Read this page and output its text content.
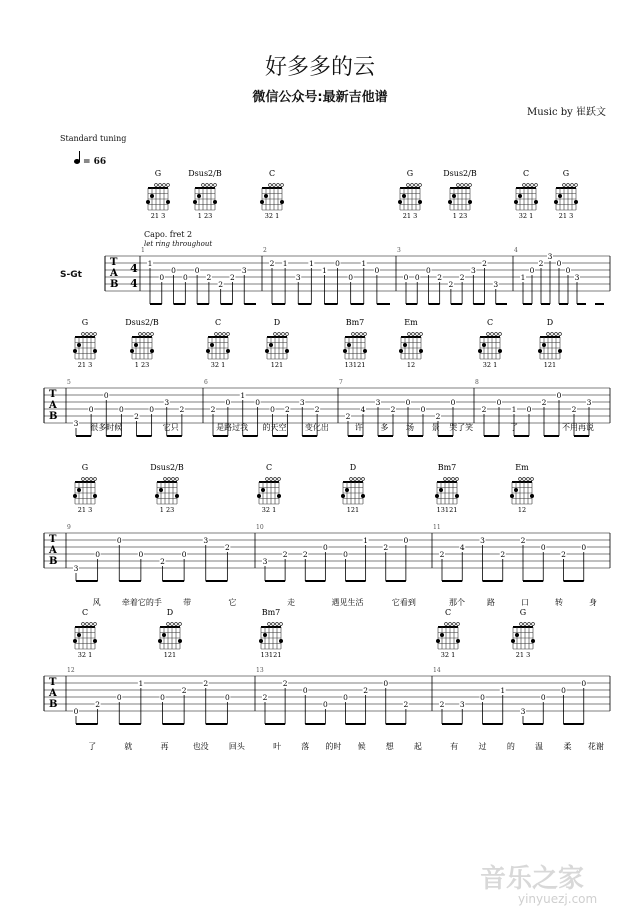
好多多的云
微信公众号:最新吉他谱
Music by 崔跃文
Standard tuning
= 66
Capo. fret 2
let ring throughout
S-Gt
G
21 3
Dsus2/B
1 23
C
32 1
G
21 3
Dsus2/B
1 23
C
32 1
G
21 3
T
A
B
4
4
1	2	3	4
1
0
0
0
0
2
2
2
3
2 1
3
1
1
0
0
1
0
0 0
0
2
2
2
3
2
3
1
0
2
3
0
0
3
G
21 3
Dsus2/B
1 23
C
32 1
D
121
Bm7
13121
Em
12
C
32 1
D
121
T
A
B
5	6	7	8
3
0
0
0
2
0
3
2	2
0
1
0
0 2
3
2
2
4
3
2
0
0
2
0
2
0
1 0
2
0
2
3
很多时候	它只	是路过我 的天空 变化出	许 多 场 景 哭了笑	了	不用再说
G
21 3
Dsus2/B
1 23
C
32 1
D
121
Bm7
13121
Em
12
T
A
B
9	10	11
3
0
0
0
2
0
3
2
3
2 2
0
0
1
2
0
2
4
3
2
2
0
2
0
风	牵着它的手	带	它	走	遇见生活	它看到	那个	路	口	转	身
C
32 1
D
121
Bm7
13121
C
32 1
G
21 3
T
A
B
12	13	14
0
2
0
1
0
2
2
0	2
2
0
0
0
2
0
2	2 3
0
1
3
0
0
0
了	就	再	也没	回头	叶	落 的时 候	想	起	有	过	的	温	柔 花谢
音乐之家
yinyuezj.com
